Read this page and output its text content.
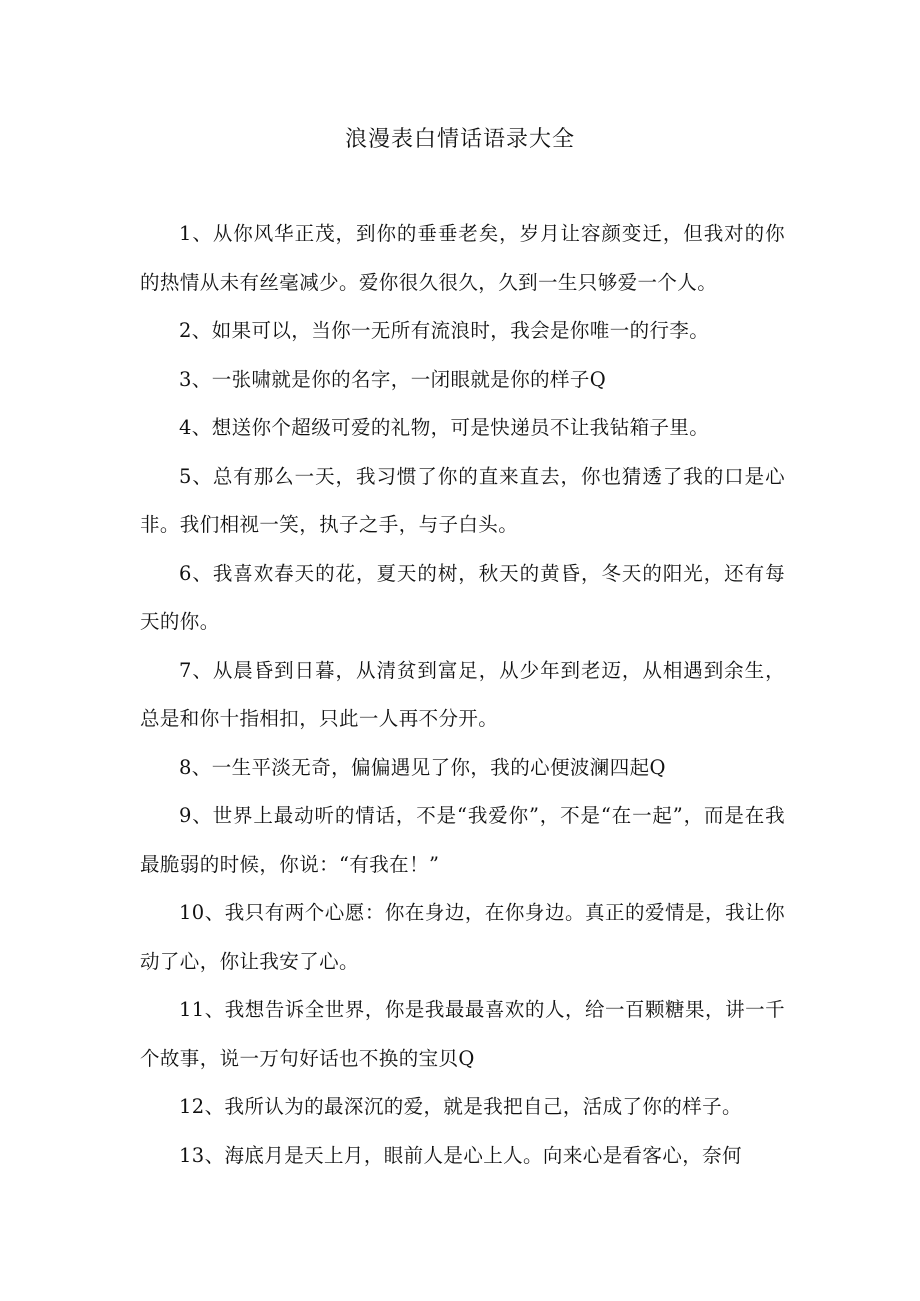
浪漫表白情话语录大全

1、从你风华正茂，到你的垂垂老矣，岁月让容颜变迁，但我对的你的热情从未有丝毫减少。爱你很久很久，久到一生只够爱一个人。

2、如果可以，当你一无所有流浪时，我会是你唯一的行李。

3、一张啸就是你的名字，一闭眼就是你的样子Q

4、想送你个超级可爱的礼物，可是快递员不让我钻箱子里。

5、总有那么一天，我习惯了你的直来直去，你也猜透了我的口是心非。我们相视一笑，执子之手，与子白头。

6、我喜欢春天的花，夏天的树，秋天的黄昏，冬天的阳光，还有每天的你。

7、从晨昏到日暮，从清贫到富足，从少年到老迈，从相遇到余生，总是和你十指相扣，只此一人再不分开。

8、一生平淡无奇，偏偏遇见了你，我的心便波澜四起Q

9、世界上最动听的情话，不是“我爱你”，不是“在一起”，而是在我最脆弱的时候，你说：“有我在！”

10、我只有两个心愿：你在身边，在你身边。真正的爱情是，我让你动了心，你让我安了心。

11、我想告诉全世界，你是我最最喜欢的人，给一百颗糖果，讲一千个故事，说一万句好话也不换的宝贝Q

12、我所认为的最深沉的爱，就是我把自己，活成了你的样子。

13、海底月是天上月，眼前人是心上人。向来心是看客心，奈何
